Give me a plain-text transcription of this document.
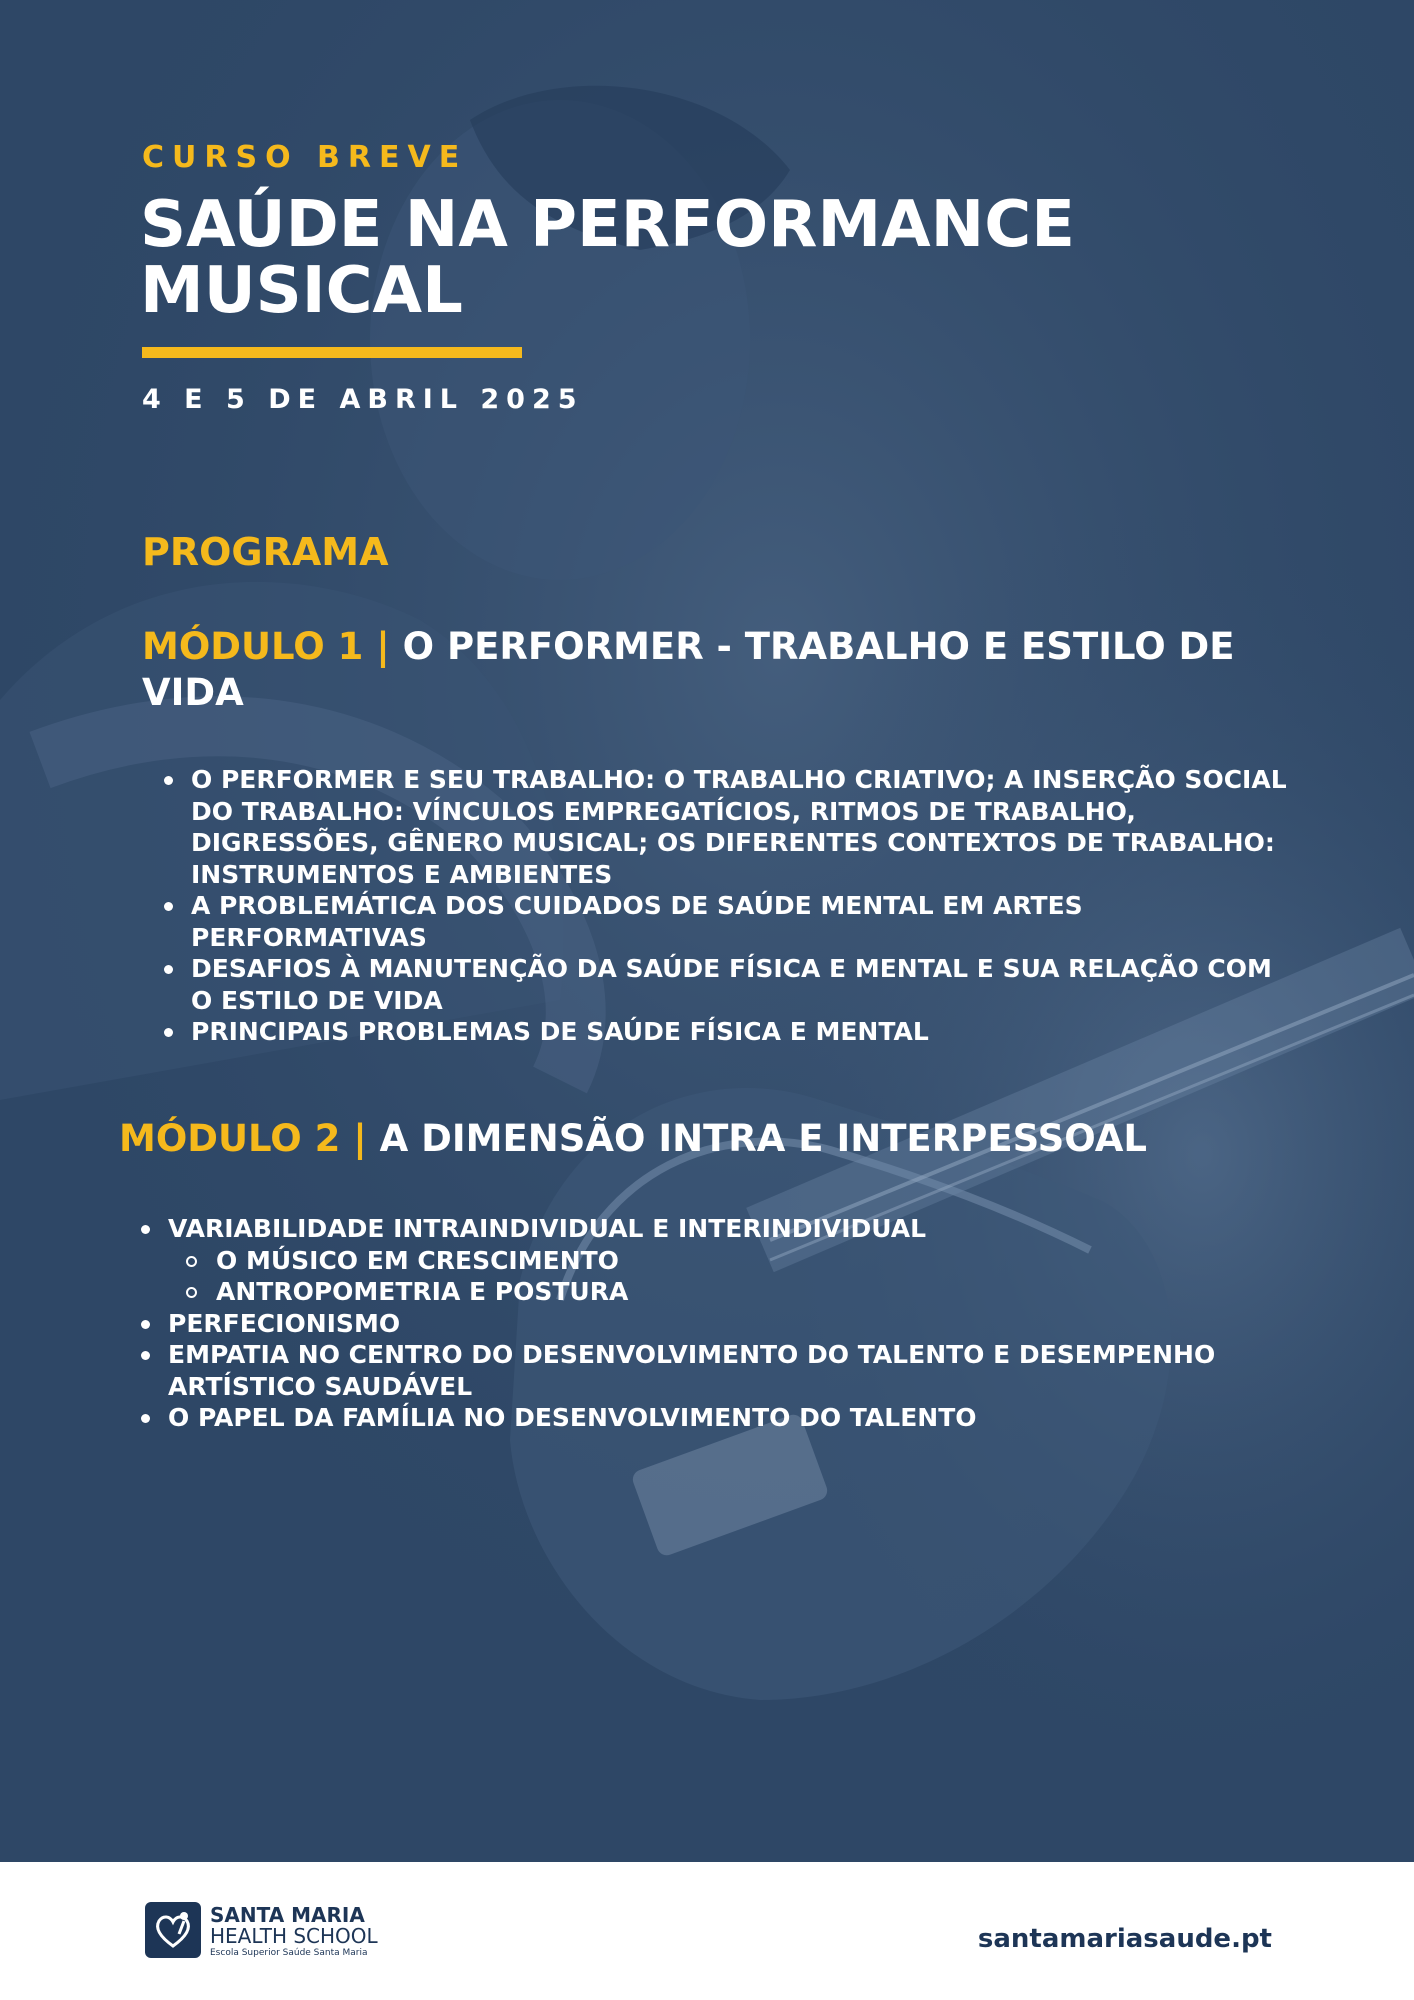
CURSO BREVE
SAÚDE NA PERFORMANCE
MUSICAL
4 E 5 DE ABRIL 2025
PROGRAMA
MÓDULO 1 | O PERFORMER - TRABALHO E ESTILO DE VIDA
O PERFORMER E SEU TRABALHO: O TRABALHO CRIATIVO; A INSERÇÃO SOCIAL DO TRABALHO: VÍNCULOS EMPREGATÍCIOS, RITMOS DE TRABALHO, DIGRESSÕES, GÊNERO MUSICAL; OS DIFERENTES CONTEXTOS DE TRABALHO: INSTRUMENTOS E AMBIENTES
A PROBLEMÁTICA DOS CUIDADOS DE SAÚDE MENTAL EM ARTES PERFORMATIVAS
DESAFIOS À MANUTENÇÃO DA SAÚDE FÍSICA E MENTAL E SUA RELAÇÃO COM O ESTILO DE VIDA
PRINCIPAIS PROBLEMAS DE SAÚDE FÍSICA E MENTAL
MÓDULO 2 | A DIMENSÃO INTRA E INTERPESSOAL
VARIABILIDADE INTRAINDIVIDUAL E INTERINDIVIDUAL
O MÚSICO EM CRESCIMENTO
ANTROPOMETRIA E POSTURA
PERFECIONISMO
EMPATIA NO CENTRO DO DESENVOLVIMENTO DO TALENTO E DESEMPENHO ARTÍSTICO SAUDÁVEL
O PAPEL DA FAMÍLIA NO DESENVOLVIMENTO DO TALENTO
SANTA MARIA
HEALTH SCHOOL
Escola Superior Saúde Santa Maria	santamariasaude.pt
